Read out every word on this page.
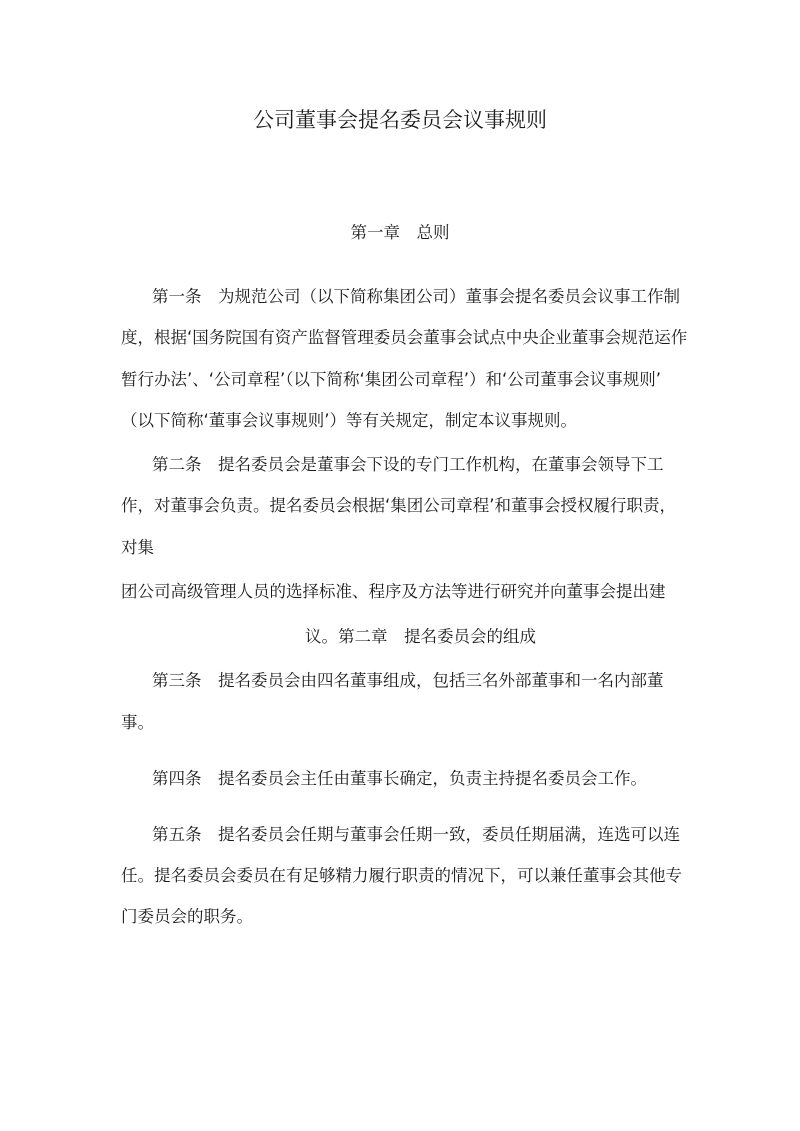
公司董事会提名委员会议事规则
第一章　总则
第一条　为规范公司（以下简称集团公司）董事会提名委员会议事工作制
度，根据‘国务院国有资产监督管理委员会董事会试点中央企业董事会规范运作
暂行办法’、‘公司章程’（以下简称‘集团公司章程’）和‘公司董事会议事规则’
（以下简称‘董事会议事规则’）等有关规定，制定本议事规则。
第二条　提名委员会是董事会下设的专门工作机构，在董事会领导下工
作，对董事会负责。提名委员会根据‘集团公司章程’和董事会授权履行职责，
对集
团公司高级管理人员的选择标准、程序及方法等进行研究并向董事会提出建
议。第二章　提名委员会的组成
第三条　提名委员会由四名董事组成，包括三名外部董事和一名内部董
事。
第四条　提名委员会主任由董事长确定，负责主持提名委员会工作。
第五条　提名委员会任期与董事会任期一致，委员任期届满，连选可以连
任。提名委员会委员在有足够精力履行职责的情况下，可以兼任董事会其他专
门委员会的职务。
